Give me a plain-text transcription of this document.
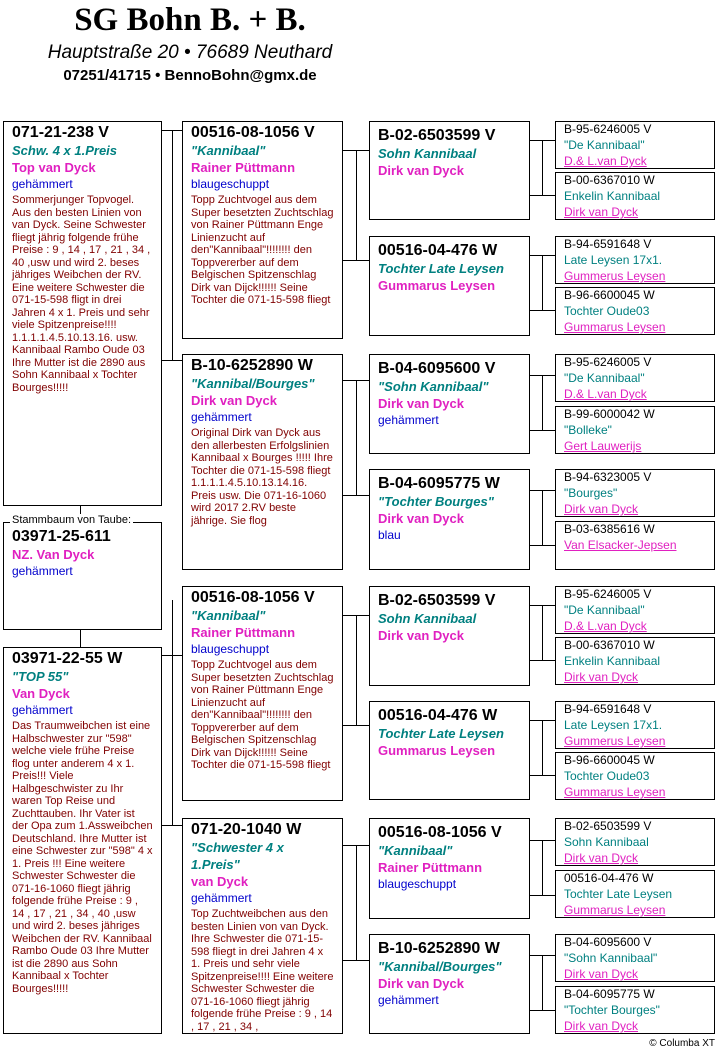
SG Bohn B. + B.
Hauptstraße 20 • 76689 Neuthard
07251/41715 • BennoBohn@gmx.de
071-21-238 V
Schw. 4 x 1.Preis
Top van Dyck
gehämmert
Sommerjunger Topvogel. Aus den besten Linien von van Dyck. Seine Schwester fliegt jährig folgende frühe Preise : 9 , 14 , 17 , 21 , 34 , 40 ,usw und wird 2. beses jähriges Weibchen der RV. Eine weitere Schwester die 071-15-598 fligt in drei Jahren 4 x 1. Preis und sehr viele Spitzenpreise!!!! 1.1.1.1.4.5.10.13.16. usw. Kannibaal Rambo Oude 03 Ihre Mutter ist die 2890 aus Sohn Kannibaal x Tochter Bourges!!!!!
03971-25-611
NZ. Van Dyck
gehämmert
Stammbaum von Taube:
03971-22-55 W
"TOP 55"
Van Dyck
gehämmert
Das Traumweibchen ist eine Halbschwester zur "598" welche viele frühe Preise flog unter anderem 4 x 1. Preis!!! Viele Halbgeschwister zu Ihr waren Top Reise und Zuchttauben. Ihr Vater ist der Opa zum 1.Assweibchen Deutschland. Ihre Mutter ist eine Schwester zur "598" 4 x 1. Preis !!! Eine weitere Schwester Schwester die 071-16-1060 fliegt jährig folgende frühe Preise : 9 , 14 , 17 , 21 , 34 , 40 ,usw und wird 2. beses jähriges Weibchen der RV. Kannibaal Rambo Oude 03 Ihre Mutter ist die 2890 aus Sohn Kannibaal x Tochter Bourges!!!!!
00516-08-1056 V
"Kannibaal"
Rainer Püttmann
blaugeschuppt
Topp Zuchtvogel aus dem Super besetzten Zuchtschlag von Rainer Püttmann Enge Linienzucht auf den"Kannibaal"!!!!!!!! den Toppvererber auf dem Belgischen Spitzenschlag Dirk van Dijck!!!!!! Seine Tochter die 071-15-598 fliegt
B-10-6252890 W
"Kannibal/Bourges"
Dirk van Dyck
gehämmert
Original Dirk van Dyck aus den allerbesten Erfolgslinien Kannibaal x Bourges !!!!! Ihre Tochter die 071-15-598 fliegt 1.1.1.1.4.5.10.13.14.16. Preis usw. Die 071-16-1060 wird 2017 2.RV beste jährige. Sie flog
00516-08-1056 V
"Kannibaal"
Rainer Püttmann
blaugeschuppt
Topp Zuchtvogel aus dem Super besetzten Zuchtschlag von Rainer Püttmann Enge Linienzucht auf den"Kannibaal"!!!!!!!! den Toppvererber auf dem Belgischen Spitzenschlag Dirk van Dijck!!!!!! Seine Tochter die 071-15-598 fliegt
071-20-1040 W
"Schwester 4 x 1.Preis"
van Dyck
gehämmert
Top Zuchtweibchen aus den besten Linien von van Dyck. Ihre Schwester die 071-15-598 fliegt in drei Jahren 4 x 1. Preis und sehr viele Spitzenpreise!!!! Eine weitere Schwester Schwester die 071-16-1060 fliegt jährig folgende frühe Preise : 9 , 14 , 17 , 21 , 34 ,
B-02-6503599 V
Sohn Kannibaal
Dirk van Dyck
00516-04-476 W
Tochter Late Leysen
Gummarus Leysen
B-04-6095600 V
"Sohn Kannibaal"
Dirk van Dyck
gehämmert
B-04-6095775 W
"Tochter Bourges"
Dirk van Dyck
blau
B-02-6503599 V
Sohn Kannibaal
Dirk van Dyck
00516-04-476 W
Tochter Late Leysen
Gummarus Leysen
00516-08-1056 V
"Kannibaal"
Rainer Püttmann
blaugeschuppt
B-10-6252890 W
"Kannibal/Bourges"
Dirk van Dyck
gehämmert
B-95-6246005 V
"De Kannibaal"
D.& L.van Dyck
B-00-6367010 W
Enkelin Kannibaal
Dirk van Dyck
B-94-6591648 V
Late Leysen 17x1.
Gummerus Leysen
B-96-6600045 W
Tochter Oude03
Gummarus Leysen
B-95-6246005 V
"De Kannibaal"
D.& L.van Dyck
B-99-6000042 W
"Bolleke"
Gert Lauwerijs
B-94-6323005 V
"Bourges"
Dirk van Dyck
B-03-6385616 W
Van Elsacker-Jepsen
B-95-6246005 V
"De Kannibaal"
D.& L.van Dyck
B-00-6367010 W
Enkelin Kannibaal
Dirk van Dyck
B-94-6591648 V
Late Leysen 17x1.
Gummerus Leysen
B-96-6600045 W
Tochter Oude03
Gummarus Leysen
B-02-6503599 V
Sohn Kannibaal
Dirk van Dyck
00516-04-476 W
Tochter Late Leysen
Gummarus Leysen
B-04-6095600 V
"Sohn Kannibaal"
Dirk van Dyck
B-04-6095775 W
"Tochter Bourges"
Dirk van Dyck
© Columba XT
